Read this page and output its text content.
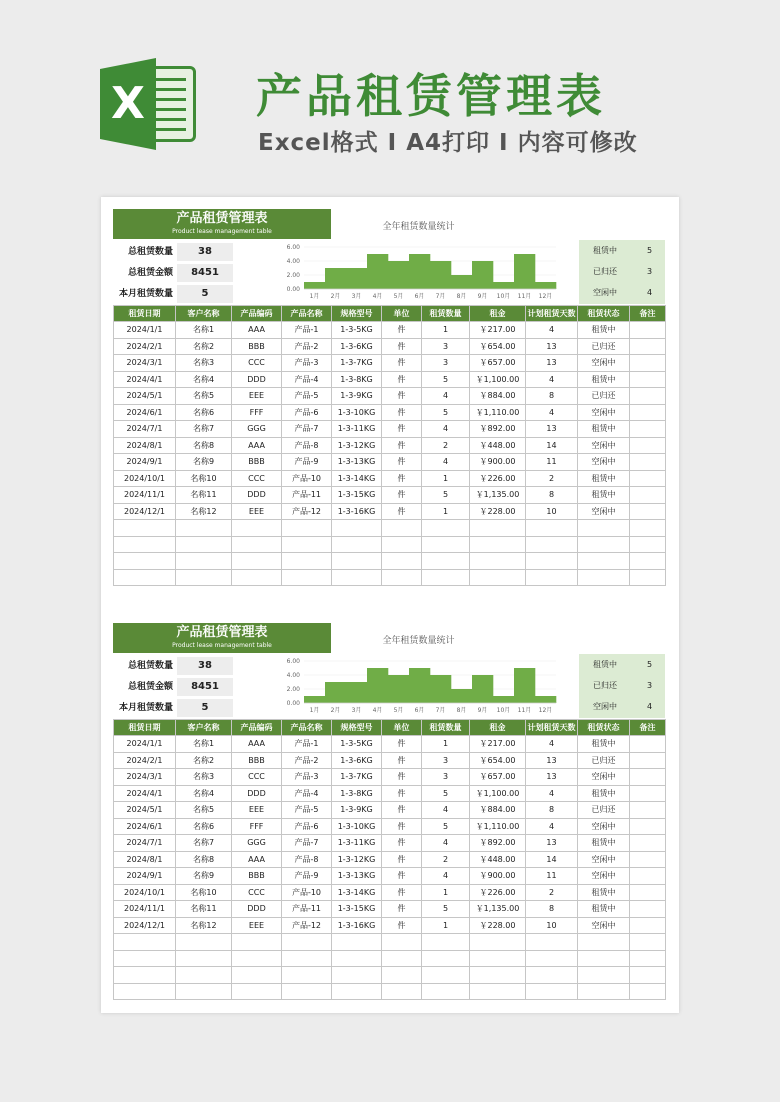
X 产品租赁管理表
Excel格式 I A4打印 I 内容可修改
产品租赁管理表
Product lease management table
总租赁数量	38
总租赁金额	8451
本月租赁数量	5
全年租赁数量统计
0.00
2.00
4.00
6.00
1月 2月 3月 4月 5月 6月 7月 8月 9月 10月 11月 12月
租赁中	5
已归还	3
空闲中	4
租赁日期	客户名称	产品编码	产品名称	规格型号	单位	租赁数量	租金	计划租赁天数	租赁状态	备注
2024/1/1	名称1	AAA	产品-1	1-3-5KG	件	1	￥217.00	4	租赁中	
2024/2/1	名称2	BBB	产品-2	1-3-6KG	件	3	￥654.00	13	已归还	
2024/3/1	名称3	CCC	产品-3	1-3-7KG	件	3	￥657.00	13	空闲中	
2024/4/1	名称4	DDD	产品-4	1-3-8KG	件	5	￥1,100.00	4	租赁中	
2024/5/1	名称5	EEE	产品-5	1-3-9KG	件	4	￥884.00	8	已归还	
2024/6/1	名称6	FFF	产品-6	1-3-10KG	件	5	￥1,110.00	4	空闲中	
2024/7/1	名称7	GGG	产品-7	1-3-11KG	件	4	￥892.00	13	租赁中	
2024/8/1	名称8	AAA	产品-8	1-3-12KG	件	2	￥448.00	14	空闲中	
2024/9/1	名称9	BBB	产品-9	1-3-13KG	件	4	￥900.00	11	空闲中	
2024/10/1	名称10	CCC	产品-10	1-3-14KG	件	1	￥226.00	2	租赁中	
2024/11/1	名称11	DDD	产品-11	1-3-15KG	件	5	￥1,135.00	8	租赁中	
2024/12/1	名称12	EEE	产品-12	1-3-16KG	件	1	￥228.00	10	空闲中	

产品租赁管理表
Product lease management table
总租赁数量	38
总租赁金额	8451
本月租赁数量	5
全年租赁数量统计
0.00
2.00
4.00
6.00
1月 2月 3月 4月 5月 6月 7月 8月 9月 10月 11月 12月
租赁中	5
已归还	3
空闲中	4
租赁日期	客户名称	产品编码	产品名称	规格型号	单位	租赁数量	租金	计划租赁天数	租赁状态	备注
2024/1/1	名称1	AAA	产品-1	1-3-5KG	件	1	￥217.00	4	租赁中	
2024/2/1	名称2	BBB	产品-2	1-3-6KG	件	3	￥654.00	13	已归还	
2024/3/1	名称3	CCC	产品-3	1-3-7KG	件	3	￥657.00	13	空闲中	
2024/4/1	名称4	DDD	产品-4	1-3-8KG	件	5	￥1,100.00	4	租赁中	
2024/5/1	名称5	EEE	产品-5	1-3-9KG	件	4	￥884.00	8	已归还	
2024/6/1	名称6	FFF	产品-6	1-3-10KG	件	5	￥1,110.00	4	空闲中	
2024/7/1	名称7	GGG	产品-7	1-3-11KG	件	4	￥892.00	13	租赁中	
2024/8/1	名称8	AAA	产品-8	1-3-12KG	件	2	￥448.00	14	空闲中	
2024/9/1	名称9	BBB	产品-9	1-3-13KG	件	4	￥900.00	11	空闲中	
2024/10/1	名称10	CCC	产品-10	1-3-14KG	件	1	￥226.00	2	租赁中	
2024/11/1	名称11	DDD	产品-11	1-3-15KG	件	5	￥1,135.00	8	租赁中	
2024/12/1	名称12	EEE	产品-12	1-3-16KG	件	1	￥228.00	10	空闲中	
